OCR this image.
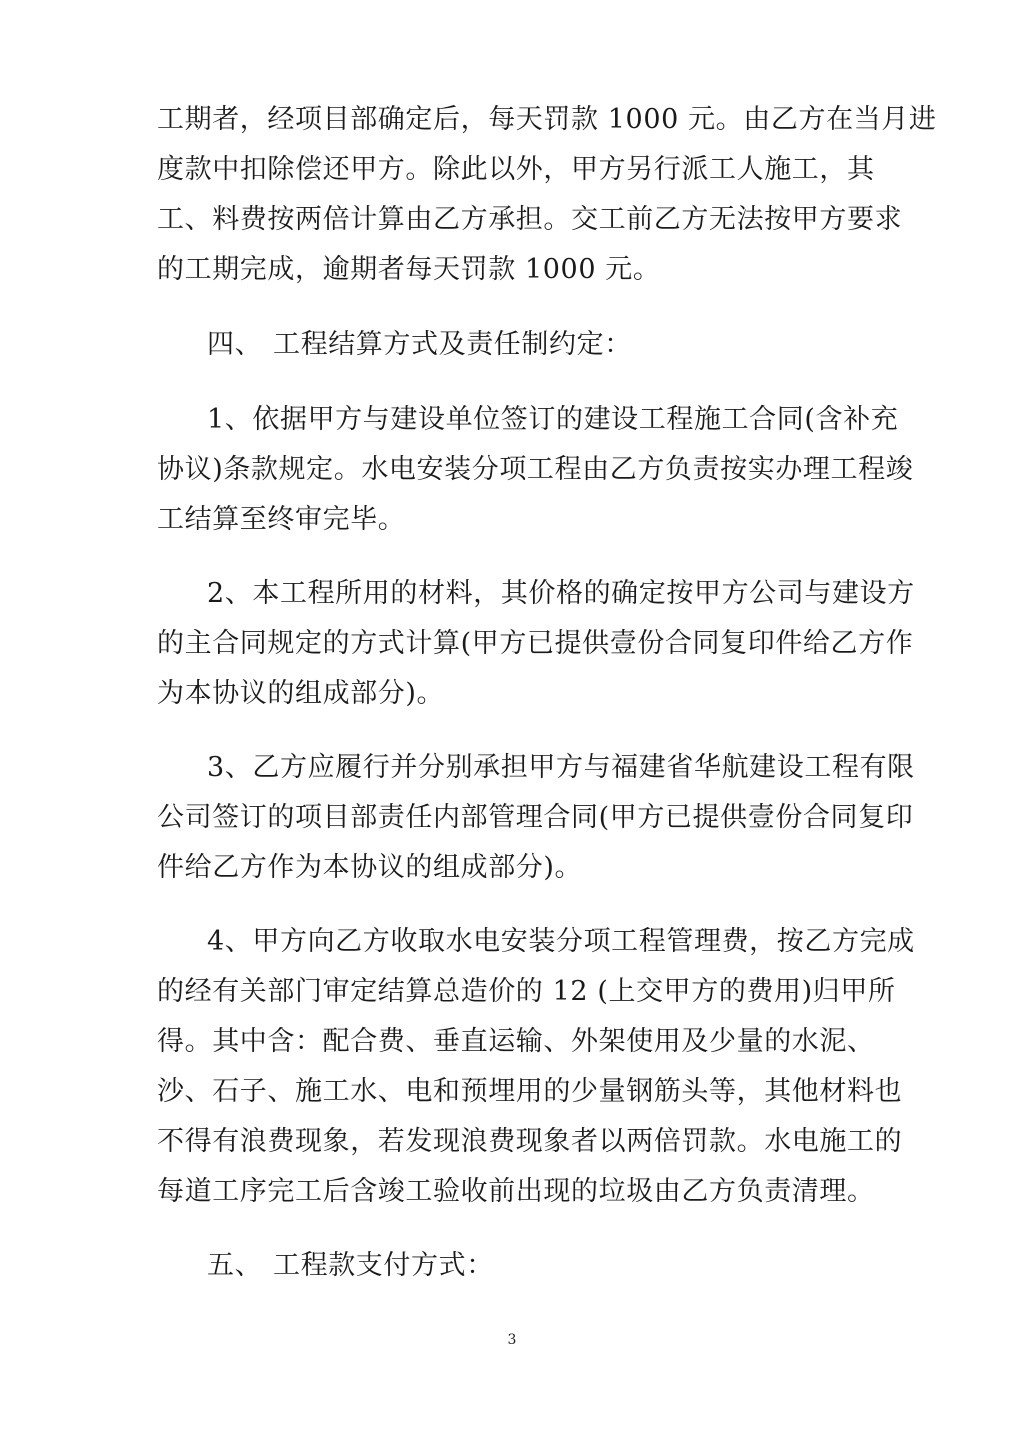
工期者，经项目部确定后，每天罚款 1000 元。由乙方在当月进
度款中扣除偿还甲方。除此以外，甲方另行派工人施工，其
工、料费按两倍计算由乙方承担。交工前乙方无法按甲方要求
的工期完成，逾期者每天罚款 1000 元。
四、 工程结算方式及责任制约定：
1、依据甲方与建设单位签订的建设工程施工合同(含补充
协议)条款规定。水电安装分项工程由乙方负责按实办理工程竣
工结算至终审完毕。
2、本工程所用的材料，其价格的确定按甲方公司与建设方
的主合同规定的方式计算(甲方已提供壹份合同复印件给乙方作
为本协议的组成部分)。
3、乙方应履行并分别承担甲方与福建省华航建设工程有限
公司签订的项目部责任内部管理合同(甲方已提供壹份合同复印
件给乙方作为本协议的组成部分)。
4、甲方向乙方收取水电安装分项工程管理费，按乙方完成
的经有关部门审定结算总造价的 12 (上交甲方的费用)归甲所
得。其中含：配合费、垂直运输、外架使用及少量的水泥、
沙、石子、施工水、电和预埋用的少量钢筋头等，其他材料也
不得有浪费现象，若发现浪费现象者以两倍罚款。水电施工的
每道工序完工后含竣工验收前出现的垃圾由乙方负责清理。
五、 工程款支付方式：
3
